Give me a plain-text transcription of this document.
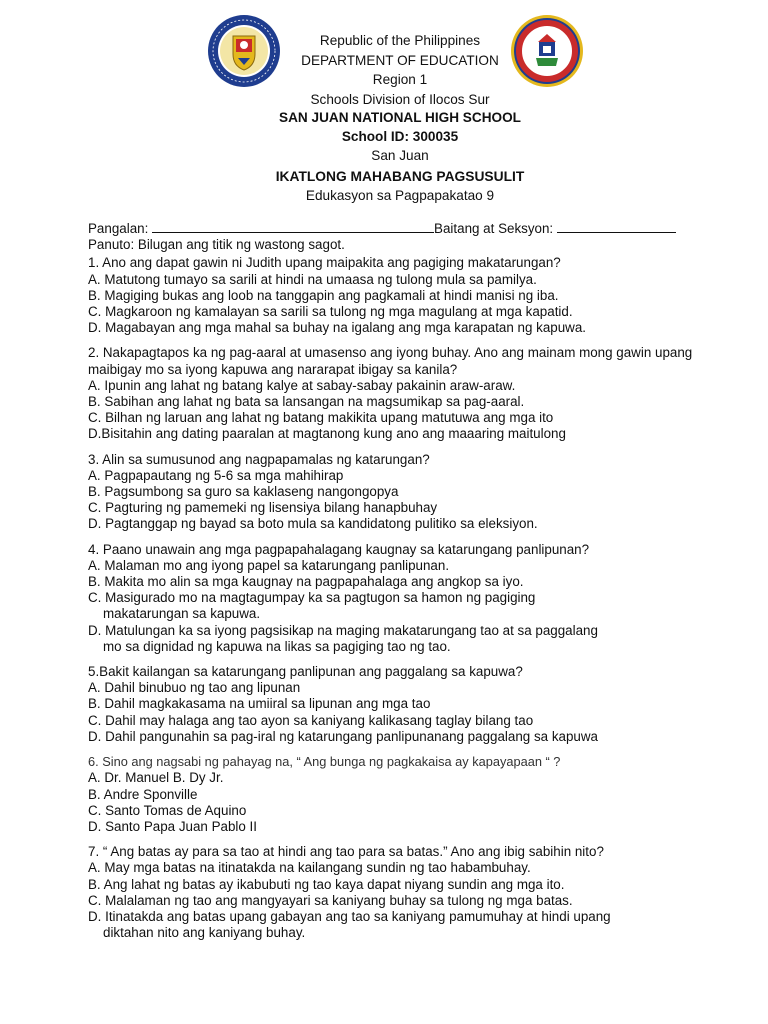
Republic of the Philippines
DEPARTMENT OF EDUCATION
Region 1
Schools Division of Ilocos Sur
SAN JUAN NATIONAL HIGH SCHOOL
School ID: 300035
San Juan
IKATLONG MAHABANG PAGSUSULIT
Edukasyon sa Pagpapakatao 9
Pangalan:	Baitang at Seksyon:
Panuto: Bilugan ang titik ng wastong sagot.
1. Ano ang dapat gawin ni Judith upang maipakita ang pagiging makatarungan?
A. Matutong tumayo sa sarili at hindi na umaasa ng tulong mula sa pamilya.
B. Magiging bukas ang loob na tanggapin ang pagkamali at hindi manisi ng iba.
C. Magkaroon ng kamalayan sa sarili sa tulong ng mga magulang at mga kapatid.
D. Magabayan ang mga mahal sa buhay na igalang ang mga karapatan ng kapuwa.
2. Nakapagtapos ka ng pag-aaral at umasenso ang iyong buhay. Ano ang mainam mong gawin upang
maibigay mo sa iyong kapuwa ang nararapat ibigay sa kanila?
A. Ipunin ang lahat ng batang kalye at sabay-sabay pakainin araw-araw.
B. Sabihan ang lahat ng bata sa lansangan na magsumikap sa pag-aaral.
C. Bilhan ng laruan ang lahat ng batang makikita upang matutuwa ang mga ito
D.Bisitahin ang dating paaralan at magtanong kung ano ang maaaring maitulong
3. Alin sa sumusunod ang nagpapamalas ng katarungan?
A. Pagpapautang ng 5-6 sa mga mahihirap
B. Pagsumbong sa guro sa kaklaseng nangongopya
C. Pagturing ng pamemeki ng lisensiya bilang hanapbuhay
D. Pagtanggap ng bayad sa boto mula sa kandidatong pulitiko sa eleksiyon.
4. Paano unawain ang mga pagpapahalagang kaugnay sa katarungang panlipunan?
A. Malaman mo ang iyong papel sa katarungang panlipunan.
B. Makita mo alin sa mga kaugnay na pagpapahalaga ang angkop sa iyo.
C. Masigurado mo na magtagumpay ka sa pagtugon sa hamon ng pagiging
makatarungan sa kapuwa.
D. Matulungan ka sa iyong pagsisikap na maging makatarungang tao at sa paggalang
mo sa dignidad ng kapuwa na likas sa pagiging tao ng tao.
5.Bakit kailangan sa katarungang panlipunan ang paggalang sa kapuwa?
A. Dahil binubuo ng tao ang lipunan
B. Dahil magkakasama na umiiral sa lipunan ang mga tao
C. Dahil may halaga ang tao ayon sa kaniyang kalikasang taglay bilang tao
D. Dahil pangunahin sa pag-iral ng katarungang panlipunanang paggalang sa kapuwa
6. Sino ang nagsabi ng pahayag na, “ Ang bunga ng pagkakaisa ay kapayapaan “ ?
A. Dr. Manuel B. Dy Jr.
B. Andre Sponville
C. Santo Tomas de Aquino
D. Santo Papa Juan Pablo II
7. “ Ang batas ay para sa tao at hindi ang tao para sa batas.” Ano ang ibig sabihin nito?
A. May mga batas na itinatakda na kailangang sundin ng tao habambuhay.
B. Ang lahat ng batas ay ikabubuti ng tao kaya dapat niyang sundin ang mga ito.
C. Malalaman ng tao ang mangyayari sa kaniyang buhay sa tulong ng mga batas.
D. Itinatakda ang batas upang gabayan ang tao sa kaniyang pamumuhay at hindi upang
diktahan nito ang kaniyang buhay.
